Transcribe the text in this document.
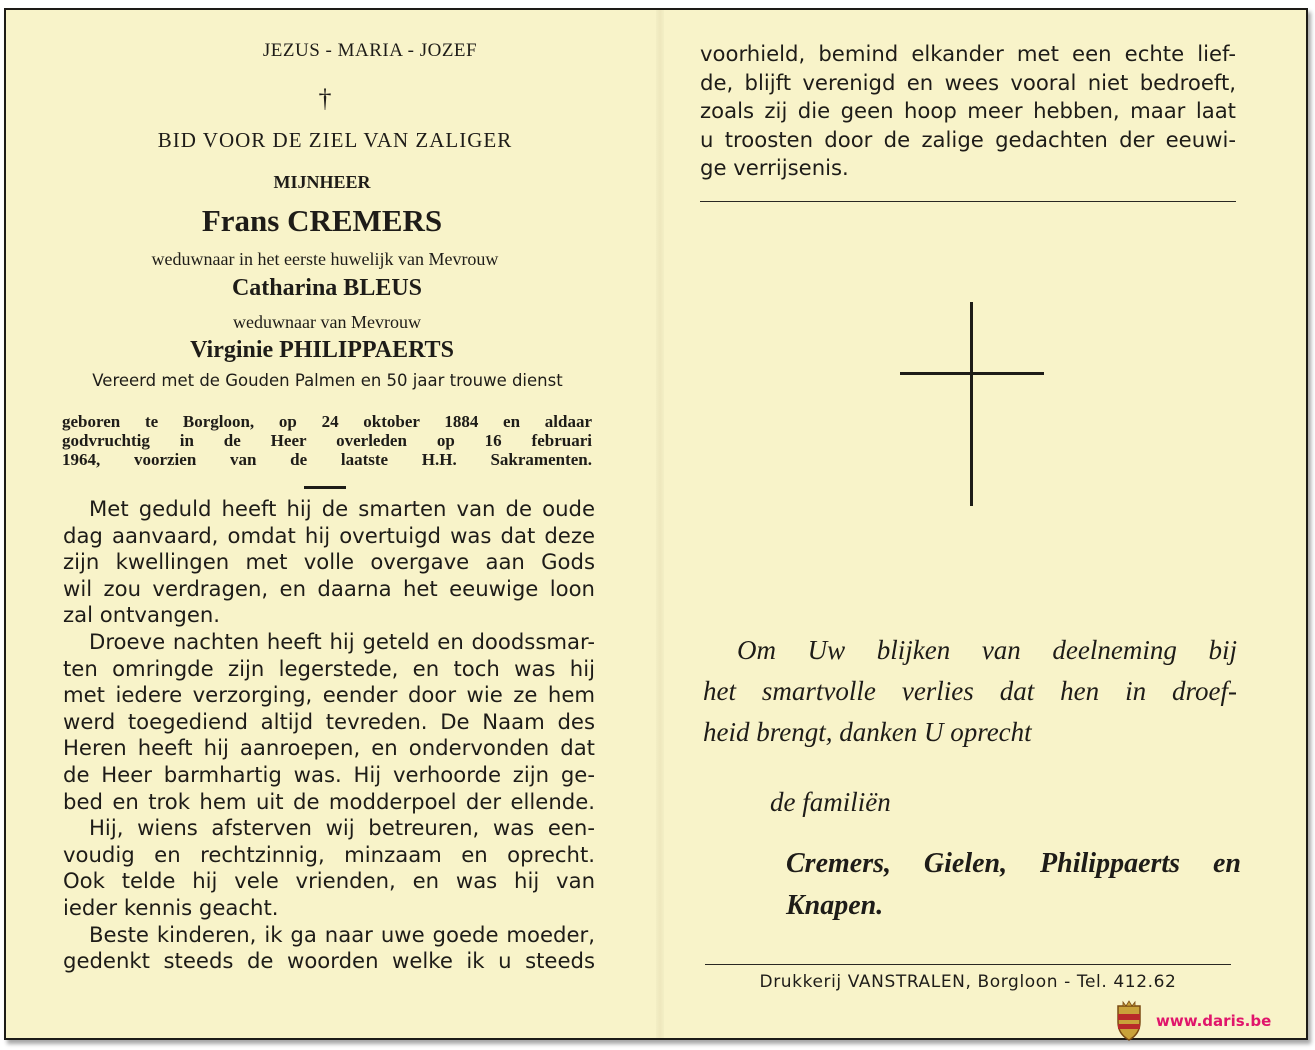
JEZUS - MARIA - JOZEF
†
BID VOOR DE ZIEL VAN ZALIGER
MIJNHEER
Frans CREMERS
weduwnaar in het eerste huwelijk van Mevrouw
Catharina BLEUS
weduwnaar van Mevrouw
Virginie PHILIPPAERTS
Vereerd met de Gouden Palmen en 50 jaar trouwe dienst
geboren te Borgloon, op 24 oktober 1884 en aldaar
godvruchtig in de Heer overleden op 16 februari
1964, voorzien van de laatste H.H. Sakramenten.
Met geduld heeft hij de smarten van de oude
dag aanvaard, omdat hij overtuigd was dat deze
zijn kwellingen met volle overgave aan Gods
wil zou verdragen, en daarna het eeuwige loon
zal ontvangen.
Droeve nachten heeft hij geteld en doodssmar-
ten omringde zijn legerstede, en toch was hij
met iedere verzorging, eender door wie ze hem
werd toegediend altijd tevreden. De Naam des
Heren heeft hij aanroepen, en ondervonden dat
de Heer barmhartig was. Hij verhoorde zijn ge-
bed en trok hem uit de modderpoel der ellende.
Hij, wiens afsterven wij betreuren, was een-
voudig en rechtzinnig, minzaam en oprecht.
Ook telde hij vele vrienden, en was hij van
ieder kennis geacht.
Beste kinderen, ik ga naar uwe goede moeder,
gedenkt steeds de woorden welke ik u steeds
voorhield, bemind elkander met een echte lief-
de, blijft verenigd en wees vooral niet bedroeft,
zoals zij die geen hoop meer hebben, maar laat
u troosten door de zalige gedachten der eeuwi-
ge verrijsenis.
Om Uw blijken van deelneming bij
het smartvolle verlies dat hen in droef-
heid brengt, danken U oprecht
de familiën
Cremers, Gielen, Philippaerts en
Knapen.
Drukkerij VANSTRALEN, Borgloon - Tel. 412.62
www.daris.be
